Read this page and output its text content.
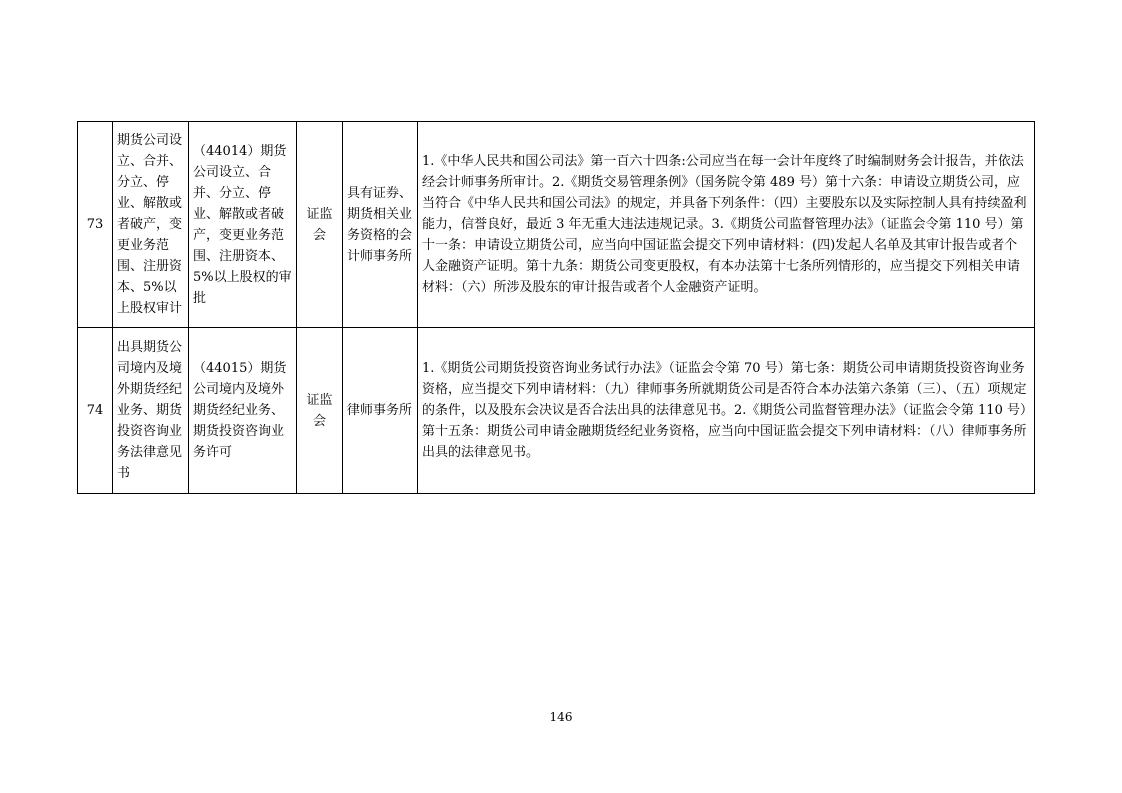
73	期货公司设立、合并、分立、停业、解散或者破产，变更业务范围、注册资本、5%以上股权审计	（44014）期货公司设立、合并、分立、停业、解散或者破产，变更业务范围、注册资本、5%以上股权的审批	证监会	具有证券、期货相关业务资格的会计师事务所	1.《中华人民共和国公司法》第一百六十四条:公司应当在每一会计年度终了时编制财务会计报告，并依法经会计师事务所审计。2.《期货交易管理条例》（国务院令第 489 号）第十六条：申请设立期货公司，应当符合《中华人民共和国公司法》的规定，并具备下列条件：（四）主要股东以及实际控制人具有持续盈利能力，信誉良好，最近 3 年无重大违法违规记录。3.《期货公司监督管理办法》（证监会令第 110 号）第十一条：申请设立期货公司，应当向中国证监会提交下列申请材料：(四)发起人名单及其审计报告或者个人金融资产证明。第十九条：期货公司变更股权，有本办法第十七条所列情形的，应当提交下列相关申请材料：（六）所涉及股东的审计报告或者个人金融资产证明。
74	出具期货公司境内及境外期货经纪业务、期货投资咨询业务法律意见书	（44015）期货公司境内及境外期货经纪业务、期货投资咨询业务许可	证监会	律师事务所	1.《期货公司期货投资咨询业务试行办法》（证监会令第 70 号）第七条：期货公司申请期货投资咨询业务资格，应当提交下列申请材料：（九）律师事务所就期货公司是否符合本办法第六条第（三）、（五）项规定的条件，以及股东会决议是否合法出具的法律意见书。2.《期货公司监督管理办法》（证监会令第 110 号）第十五条：期货公司申请金融期货经纪业务资格，应当向中国证监会提交下列申请材料：（八）律师事务所出具的法律意见书。
146
